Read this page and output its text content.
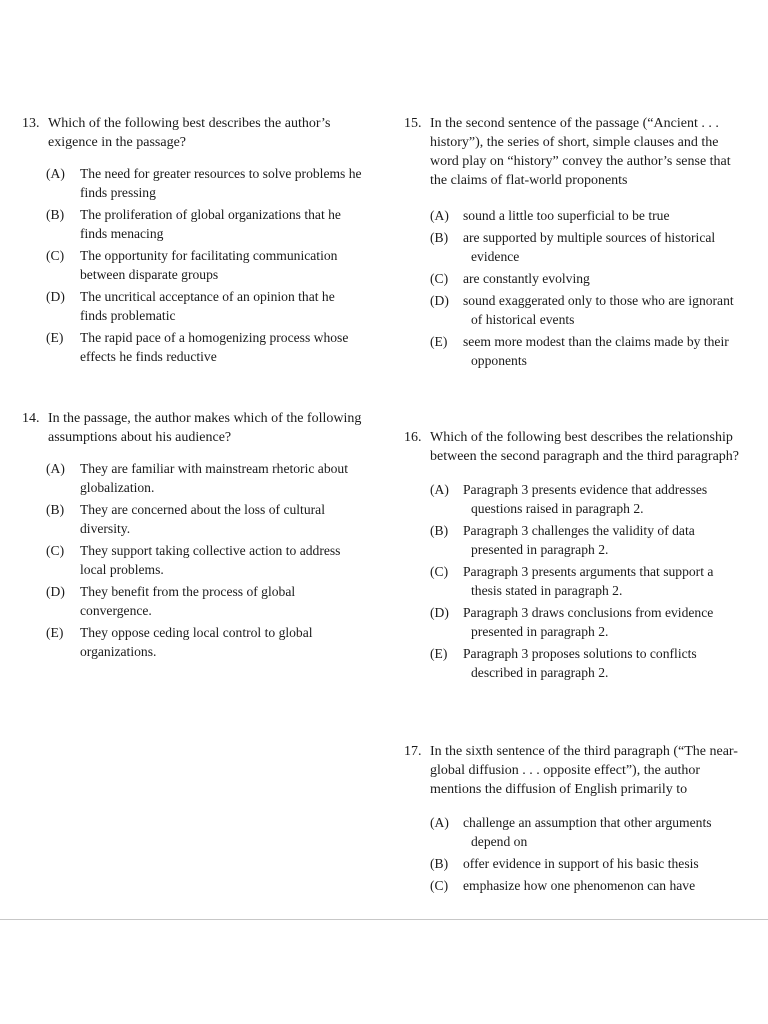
13. Which of the following best describes the author’s exigence in the passage?
(A)	The need for greater resources to solve problems he finds pressing
(B)	The proliferation of global organizations that he finds menacing
(C)	The opportunity for facilitating communication between disparate groups
(D)	The uncritical acceptance of an opinion that he finds problematic
(E)	The rapid pace of a homogenizing process whose effects he finds reductive
14. In the passage, the author makes which of the following assumptions about his audience?
(A)	They are familiar with mainstream rhetoric about globalization.
(B)	They are concerned about the loss of cultural diversity.
(C)	They support taking collective action to address local problems.
(D)	They benefit from the process of global convergence.
(E)	They oppose ceding local control to global organizations.
15. In the second sentence of the passage (“Ancient . . . history”), the series of short, simple clauses and the word play on “history” convey the author’s sense that the claims of flat-world proponents
(A)	sound a little too superficial to be true
(B)	are supported by multiple sources of historical evidence
(C)	are constantly evolving
(D)	sound exaggerated only to those who are ignorant of historical events
(E)	seem more modest than the claims made by their opponents
16. Which of the following best describes the relationship between the second paragraph and the third paragraph?
(A)	Paragraph 3 presents evidence that addresses questions raised in paragraph 2.
(B)	Paragraph 3 challenges the validity of data presented in paragraph 2.
(C)	Paragraph 3 presents arguments that support a thesis stated in paragraph 2.
(D)	Paragraph 3 draws conclusions from evidence presented in paragraph 2.
(E)	Paragraph 3 proposes solutions to conflicts described in paragraph 2.
17. In the sixth sentence of the third paragraph (“The near-global diffusion . . . opposite effect”), the author mentions the diffusion of English primarily to
(A)	challenge an assumption that other arguments depend on
(B)	offer evidence in support of his basic thesis
(C)	emphasize how one phenomenon can have
